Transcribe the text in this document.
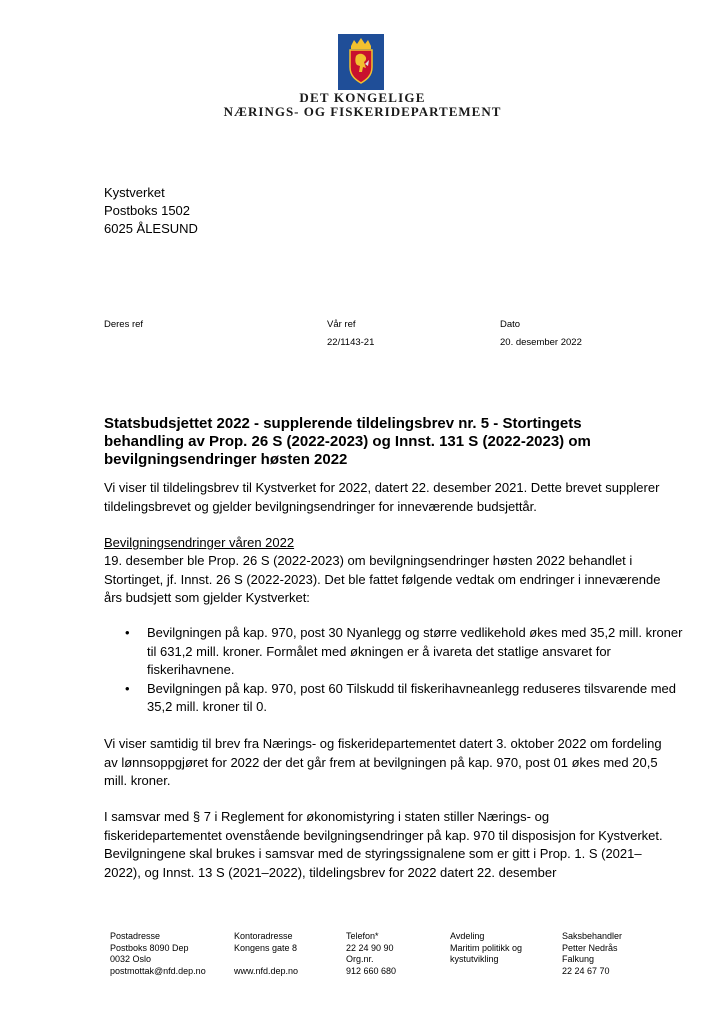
DET KONGELIGE
NÆRINGS- OG FISKERIDEPARTEMENT
Kystverket
Postboks 1502
6025 ÅLESUND
Deres ref	Vår ref
22/1143-21
Dato
20. desember 2022
Statsbudsjettet 2022 - supplerende tildelingsbrev nr. 5 - Stortingets behandling av Prop. 26 S (2022-2023) og Innst. 131 S (2022-2023) om bevilgningsendringer høsten 2022

Vi viser til tildelingsbrev til Kystverket for 2022, datert 22. desember 2021. Dette brevet supplerer tildelingsbrevet og gjelder bevilgningsendringer for inneværende budsjettår.

Bevilgningsendringer våren 2022

19. desember ble Prop. 26 S (2022-2023) om bevilgningsendringer høsten 2022 behandlet i Stortinget, jf. Innst. 26 S (2022-2023). Det ble fattet følgende vedtak om endringer i inneværende års budsjett som gjelder Kystverket:

• Bevilgningen på kap. 970, post 30 Nyanlegg og større vedlikehold økes med 35,2 mill. kroner til 631,2 mill. kroner. Formålet med økningen er å ivareta det statlige ansvaret for fiskerihavnene.
• Bevilgningen på kap. 970, post 60 Tilskudd til fiskerihavneanlegg reduseres tilsvarende med 35,2 mill. kroner til 0.

Vi viser samtidig til brev fra Nærings- og fiskeridepartementet datert 3. oktober 2022 om fordeling av lønnsoppgjøret for 2022 der det går frem at bevilgningen på kap. 970, post 01 økes med 20,5 mill. kroner.

I samsvar med § 7 i Reglement for økonomistyring i staten stiller Nærings- og fiskeridepartementet ovenstående bevilgningsendringer på kap. 970 til disposisjon for Kystverket. Bevilgningene skal brukes i samsvar med de styringssignalene som er gitt i Prop. 1. S (2021–2022), og Innst. 13 S (2021–2022), tildelingsbrev for 2022 datert 22. desember

Postadresse
Postboks 8090 Dep
0032 Oslo
postmottak@nfd.dep.no
Kontoradresse
Kongens gate 8
www.nfd.dep.no
Telefon*
22 24 90 90
Org.nr.
912 660 680
Avdeling
Maritim politikk og
kystutvikling
Saksbehandler
Petter Nedrås
Falkung
22 24 67 70
